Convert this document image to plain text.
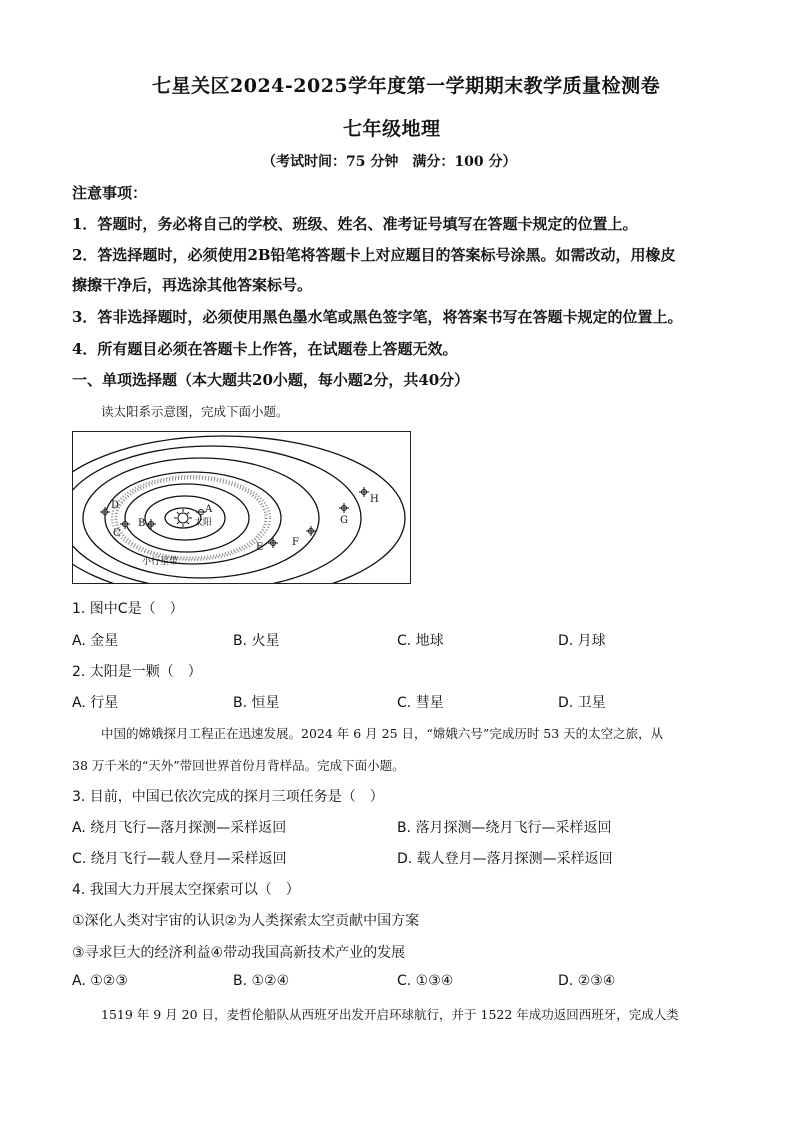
七星关区2024-2025学年度第一学期期末教学质量检测卷
七年级地理
（考试时间：75 分钟　满分：100 分）
注意事项：
1．答题时，务必将自己的学校、班级、姓名、准考证号填写在答题卡规定的位置上。
2．答选择题时，必须使用2B铅笔将答题卡上对应题目的答案标号涂黑。如需改动，用橡皮
擦擦干净后，再选涂其他答案标号。
3．答非选择题时，必须使用黑色墨水笔或黑色签字笔，将答案书写在答题卡规定的位置上。
4．所有题目必须在答题卡上作答，在试题卷上答题无效。
一、单项选择题（本大题共20小题，每小题2分，共40分）
读太阳系示意图，完成下面小题。
A
B
C
D
E	F
G
H
太阳
小行星带
1. 图中C是（　）
A. 金星	B. 火星	C. 地球	D. 月球
2. 太阳是一颗（　）
A. 行星	B. 恒星	C. 彗星	D. 卫星
中国的嫦娥探月工程正在迅速发展。2024 年 6 月 25 日，“嫦娥六号”完成历时 53 天的太空之旅，从
38 万千米的“天外”带回世界首份月背样品。完成下面小题。
3. 目前，中国已依次完成的探月三项任务是（　）
A. 绕月飞行—落月探测—采样返回	B. 落月探测—绕月飞行—采样返回
C. 绕月飞行—载人登月—采样返回	D. 载人登月—落月探测—采样返回
4. 我国大力开展太空探索可以（　）
①深化人类对宇宙的认识②为人类探索太空贡献中国方案
③寻求巨大的经济利益④带动我国高新技术产业的发展
A. ①②③	B. ①②④	C. ①③④	D. ②③④
1519 年 9 月 20 日，麦哲伦船队从西班牙出发开启环球航行，并于 1522 年成功返回西班牙，完成人类
